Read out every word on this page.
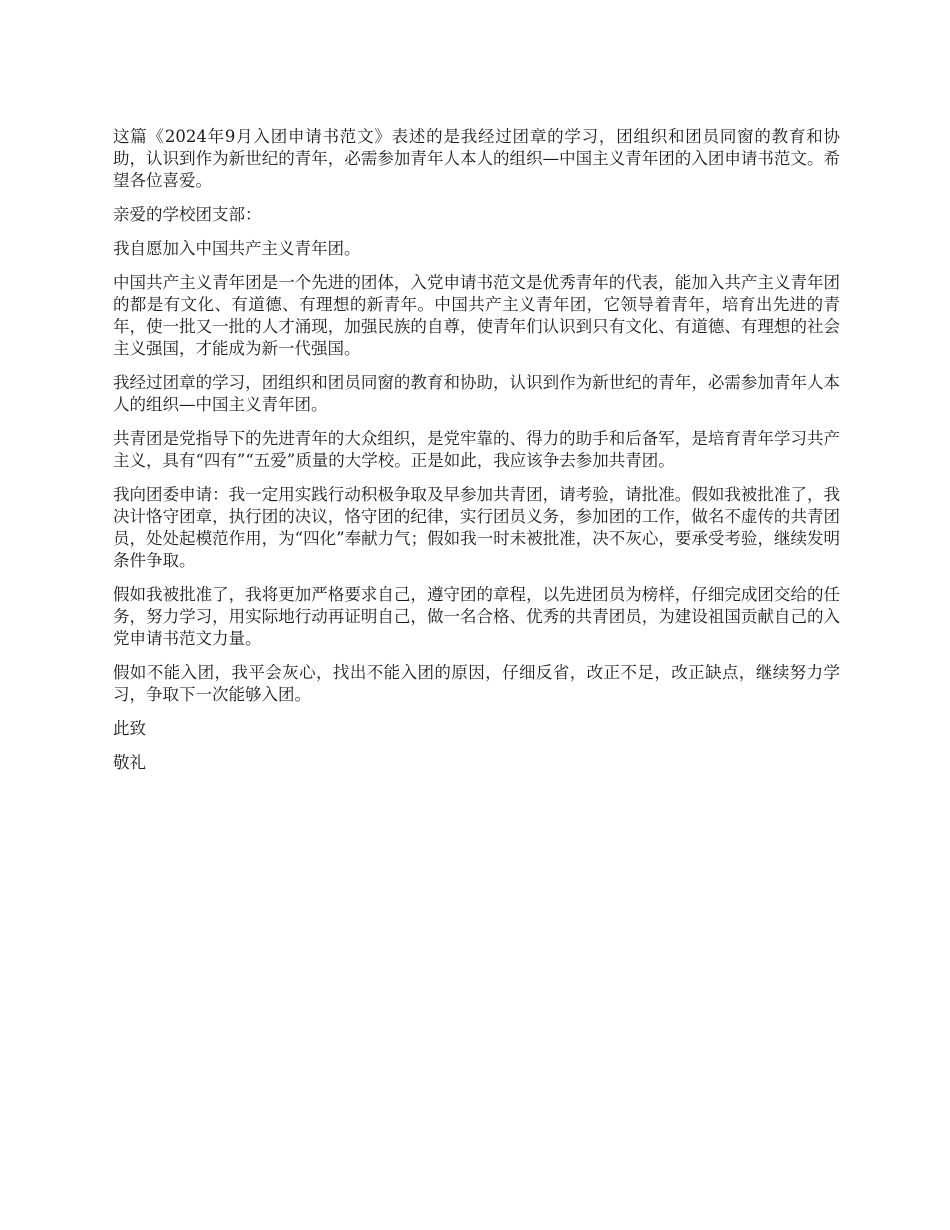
这篇《2024年9月入团申请书范文》表述的是我经过团章的学习，团组织和团员同窗的教育和协助，认识到作为新世纪的青年，必需参加青年人本人的组织—中国主义青年团的入团申请书范文。希望各位喜爱。

亲爱的学校团支部：

我自愿加入中国共产主义青年团。

中国共产主义青年团是一个先进的团体，入党申请书范文是优秀青年的代表，能加入共产主义青年团的都是有文化、有道德、有理想的新青年。中国共产主义青年团，它领导着青年，培育出先进的青年，使一批又一批的人才涌现，加强民族的自尊，使青年们认识到只有文化、有道德、有理想的社会主义强国，才能成为新一代强国。

我经过团章的学习，团组织和团员同窗的教育和协助，认识到作为新世纪的青年，必需参加青年人本人的组织—中国主义青年团。

共青团是党指导下的先进青年的大众组织，是党牢靠的、得力的助手和后备军，是培育青年学习共产主义，具有“四有”“五爱”质量的大学校。正是如此，我应该争去参加共青团。

我向团委申请：我一定用实践行动积极争取及早参加共青团，请考验，请批准。假如我被批准了，我决计恪守团章，执行团的决议，恪守团的纪律，实行团员义务，参加团的工作，做名不虚传的共青团员，处处起模范作用，为“四化”奉献力气；假如我一时未被批准，决不灰心，要承受考验，继续发明条件争取。

假如我被批准了，我将更加严格要求自己，遵守团的章程，以先进团员为榜样，仔细完成团交给的任务，努力学习，用实际地行动再证明自己，做一名合格、优秀的共青团员，为建设祖国贡献自己的入党申请书范文力量。

假如不能入团，我平会灰心，找出不能入团的原因，仔细反省，改正不足，改正缺点，继续努力学习，争取下一次能够入团。

此致

敬礼
